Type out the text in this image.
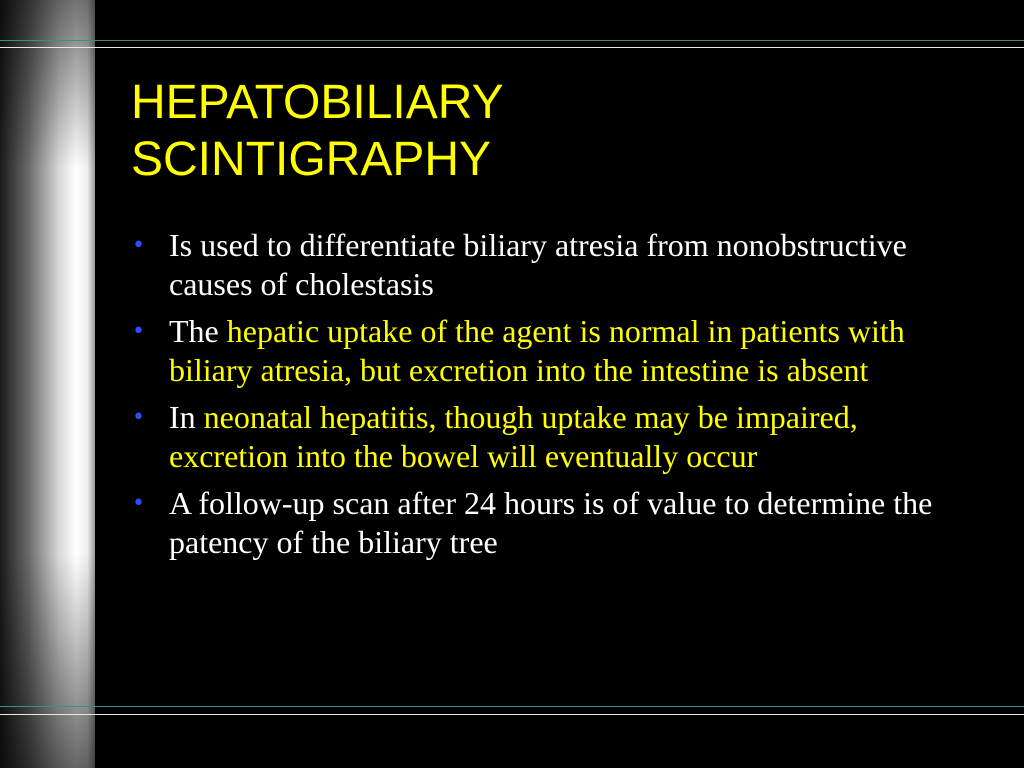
HEPATOBILIARY
SCINTIGRAPHY
• Is used to differentiate biliary atresia from nonobstructive causes of cholestasis
• The hepatic uptake of the agent is normal in patients with biliary atresia, but excretion into the intestine is absent
• In neonatal hepatitis, though uptake may be impaired, excretion into the bowel will eventually occur
• A follow-up scan after 24 hours is of value to determine the patency of the biliary tree
